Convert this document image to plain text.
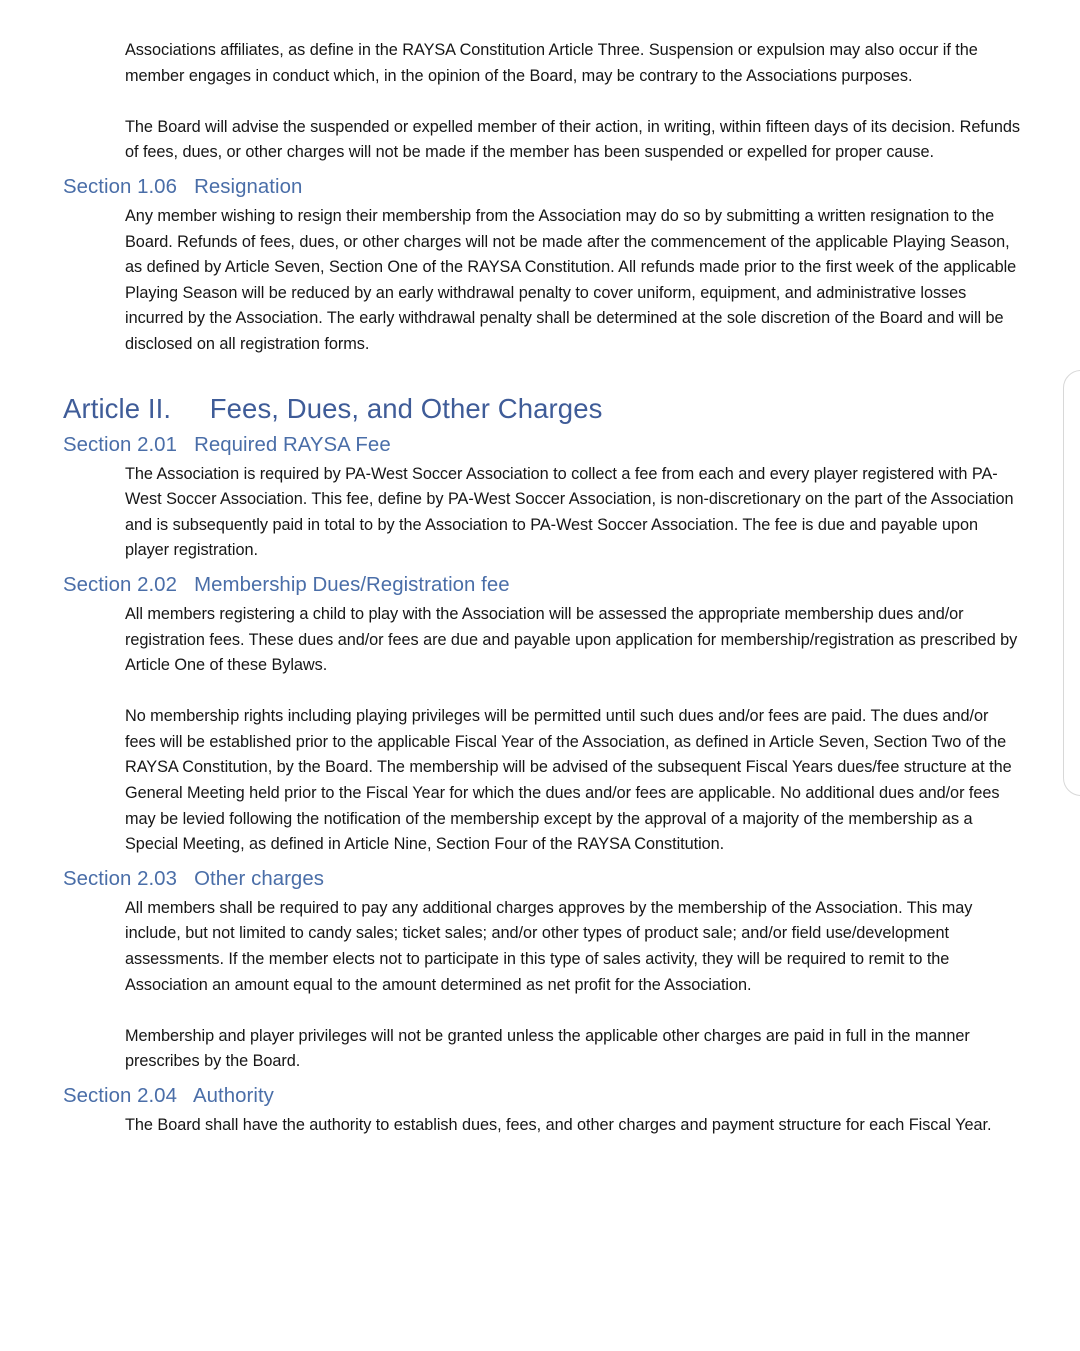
Associations affiliates, as define in the RAYSA Constitution Article Three. Suspension or expulsion may also occur if the member engages in conduct which, in the opinion of the Board, may be contrary to the Associations purposes.

The Board will advise the suspended or expelled member of their action, in writing, within fifteen days of its decision. Refunds of fees, dues, or other charges will not be made if the member has been suspended or expelled for proper cause.

Section 1.06   Resignation

Any member wishing to resign their membership from the Association may do so by submitting a written resignation to the Board. Refunds of fees, dues, or other charges will not be made after the commencement of the applicable Playing Season, as defined by Article Seven, Section One of the RAYSA Constitution. All refunds made prior to the first week of the applicable Playing Season will be reduced by an early withdrawal penalty to cover uniform, equipment, and administrative losses incurred by the Association. The early withdrawal penalty shall be determined at the sole discretion of the Board and will be disclosed on all registration forms.

Article II.     Fees, Dues, and Other Charges
Section 2.01   Required RAYSA Fee

The Association is required by PA-West Soccer Association to collect a fee from each and every player registered with PA-West Soccer Association. This fee, define by PA-West Soccer Association, is non-discretionary on the part of the Association and is subsequently paid in total to by the Association to PA-West Soccer Association. The fee is due and payable upon player registration.

Section 2.02   Membership Dues/Registration fee

All members registering a child to play with the Association will be assessed the appropriate membership dues and/or registration fees. These dues and/or fees are due and payable upon application for membership/registration as prescribed by Article One of these Bylaws.

No membership rights including playing privileges will be permitted until such dues and/or fees are paid. The dues and/or fees will be established prior to the applicable Fiscal Year of the Association, as defined in Article Seven, Section Two of the RAYSA Constitution, by the Board. The membership will be advised of the subsequent Fiscal Years dues/fee structure at the General Meeting held prior to the Fiscal Year for which the dues and/or fees are applicable. No additional dues and/or fees may be levied following the notification of the membership except by the approval of a majority of the membership as a Special Meeting, as defined in Article Nine, Section Four of the RAYSA Constitution.

Section 2.03   Other charges

All members shall be required to pay any additional charges approves by the membership of the Association. This may include, but not limited to candy sales; ticket sales; and/or other types of product sale; and/or field use/development assessments. If the member elects not to participate in this type of sales activity, they will be required to remit to the Association an amount equal to the amount determined as net profit for the Association.

Membership and player privileges will not be granted unless the applicable other charges are paid in full in the manner prescribes by the Board.

Section 2.04   Authority

The Board shall have the authority to establish dues, fees, and other charges and payment structure for each Fiscal Year.
